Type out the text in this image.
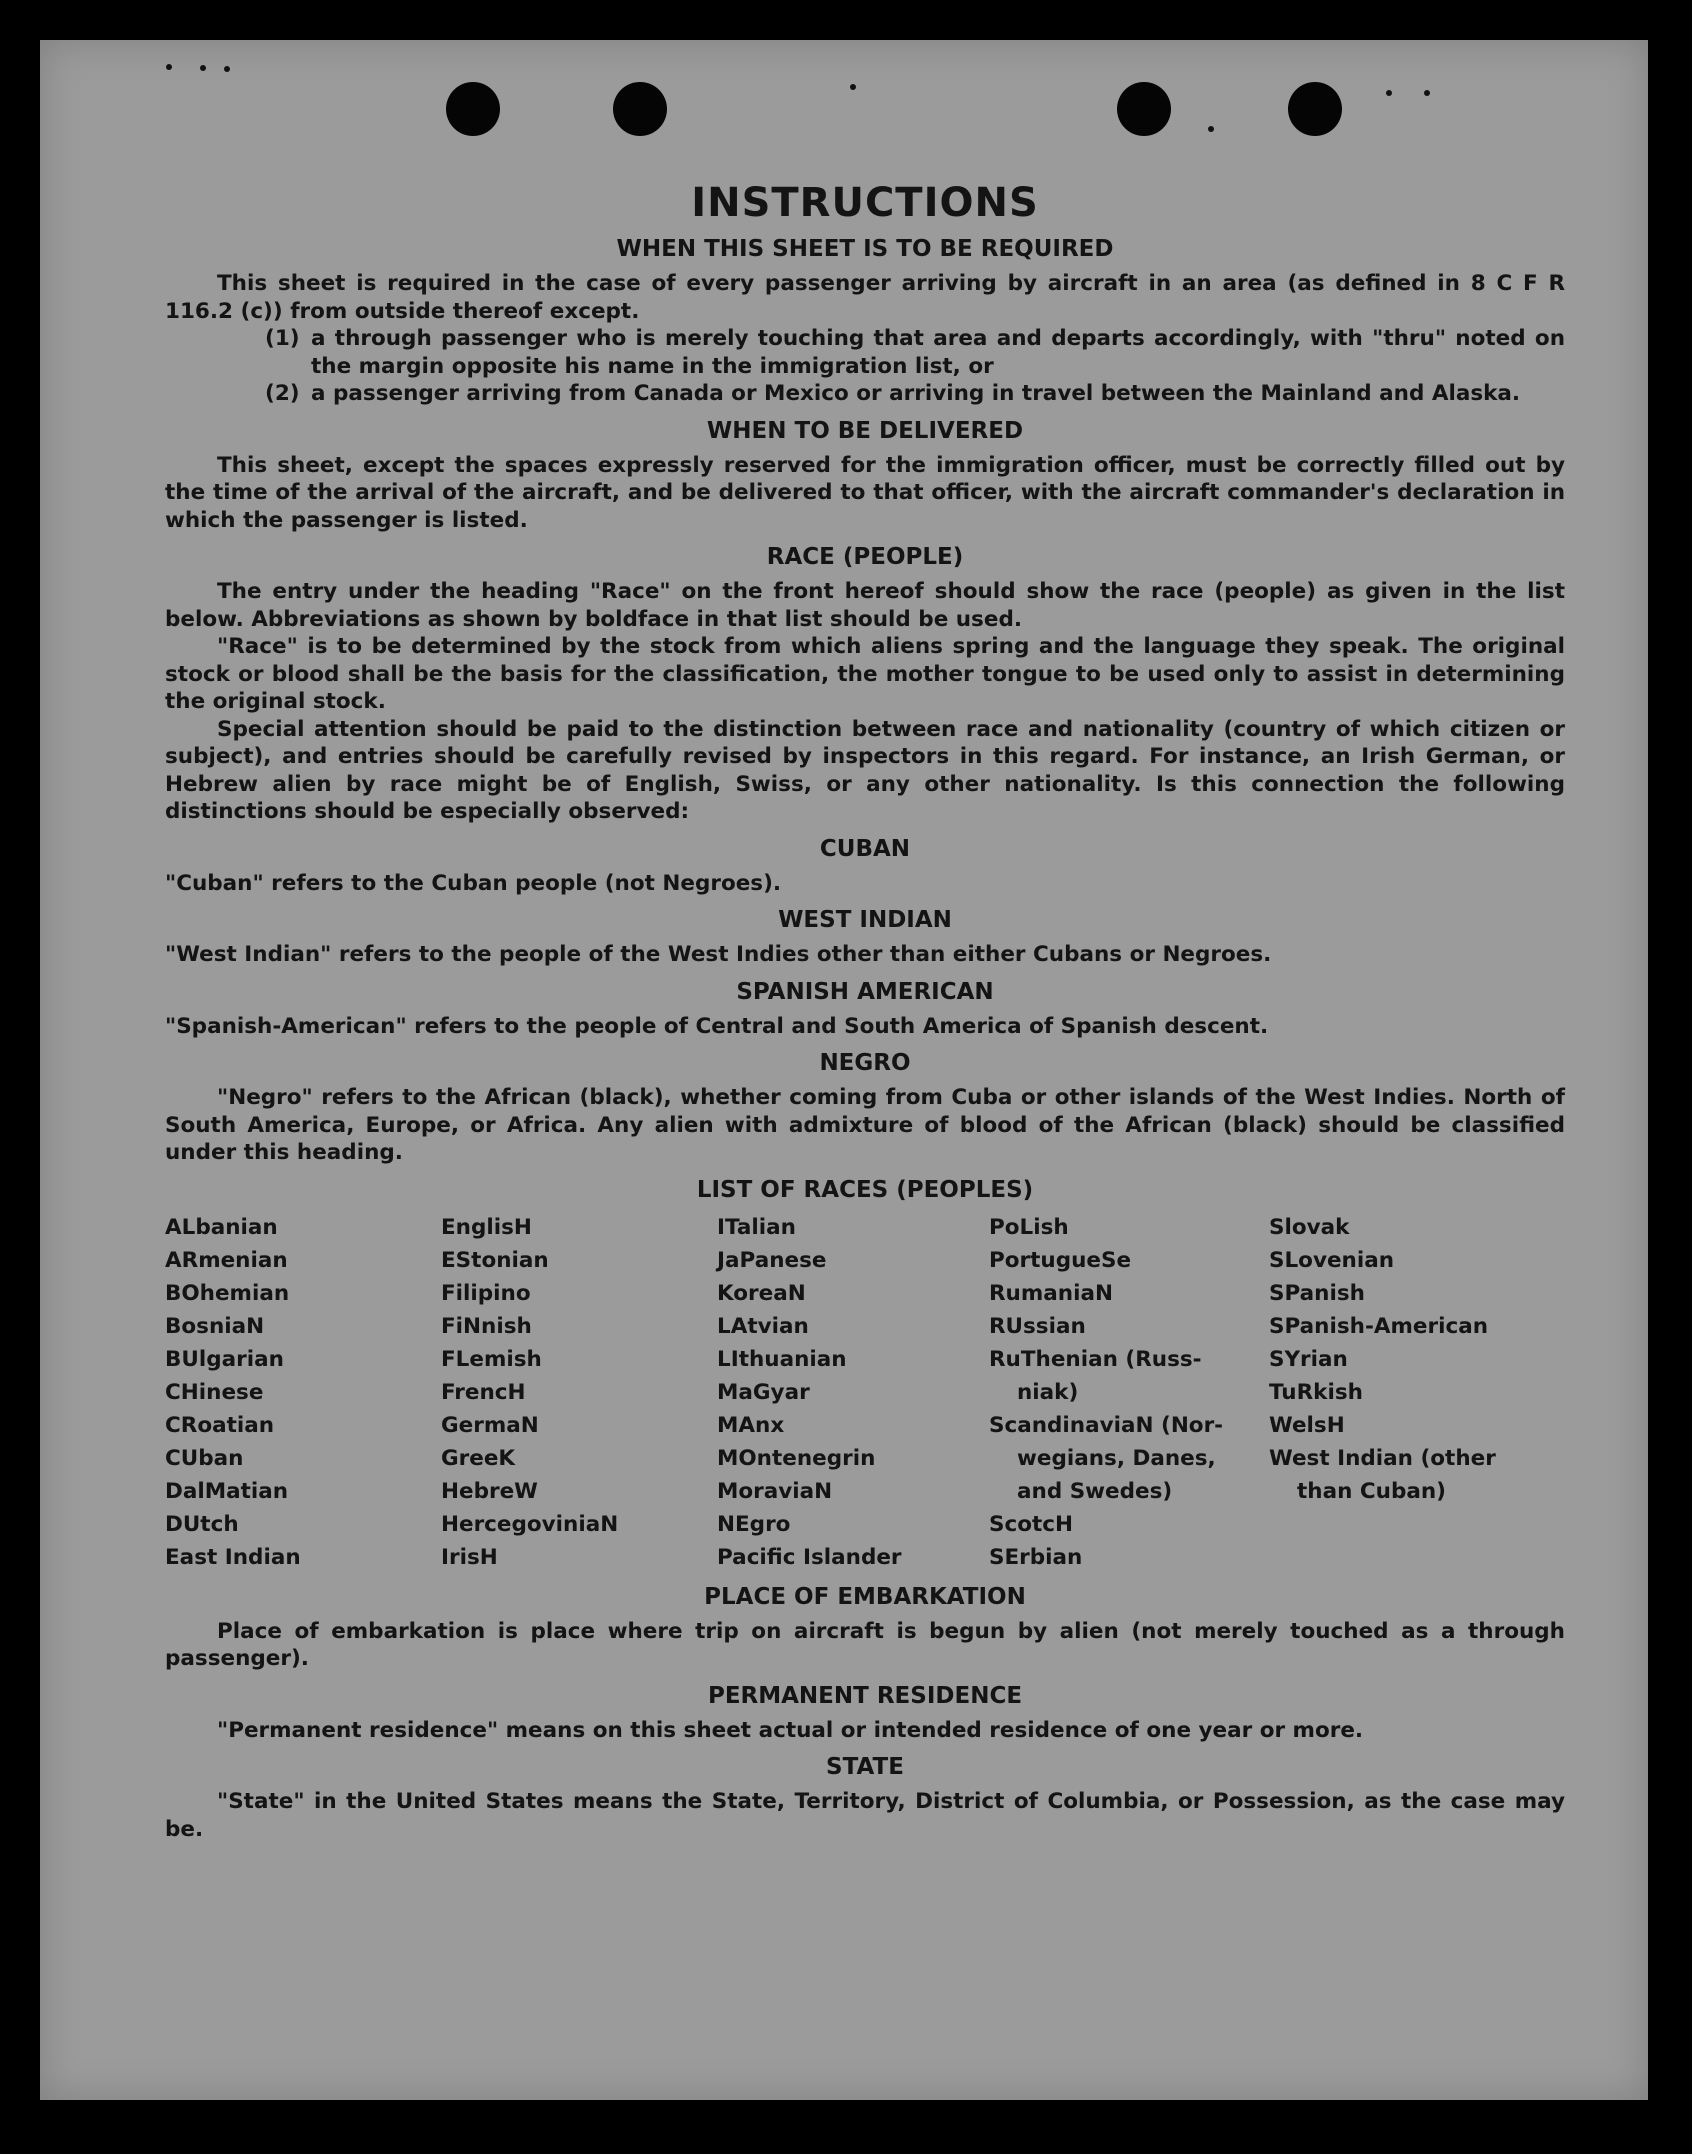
INSTRUCTIONS
WHEN THIS SHEET IS TO BE REQUIRED

This sheet is required in the case of every passenger arriving by aircraft in an area (as defined in 8 C F R 116.2 (c)) from outside thereof except.

(1) a through passenger who is merely touching that area and departs accordingly, with "thru" noted on the margin opposite his name in the immigration list, or
(2) a passenger arriving from Canada or Mexico or arriving in travel between the Mainland and Alaska.
WHEN TO BE DELIVERED

This sheet, except the spaces expressly reserved for the immigration officer, must be correctly filled out by the time of the arrival of the aircraft, and be delivered to that officer, with the aircraft commander's declaration in which the passenger is listed.

RACE (PEOPLE)

The entry under the heading "Race" on the front hereof should show the race (people) as given in the list below. Abbreviations as shown by boldface in that list should be used.

"Race" is to be determined by the stock from which aliens spring and the language they speak. The original stock or blood shall be the basis for the classification, the mother tongue to be used only to assist in determining the original stock.

Special attention should be paid to the distinction between race and nationality (country of which citizen or subject), and entries should be carefully revised by inspectors in this regard. For instance, an Irish German, or Hebrew alien by race might be of English, Swiss, or any other nationality. Is this connection the following distinctions should be especially observed:

CUBAN

"Cuban" refers to the Cuban people (not Negroes).

WEST INDIAN

"West Indian" refers to the people of the West Indies other than either Cubans or Negroes.

SPANISH AMERICAN

"Spanish-American" refers to the people of Central and South America of Spanish descent.

NEGRO

"Negro" refers to the African (black), whether coming from Cuba or other islands of the West Indies. North of South America, Europe, or Africa. Any alien with admixture of blood of the African (black) should be classified under this heading.

LIST OF RACES (PEOPLES)
ALbanian
ARmenian
BOhemian
BosniaN
BUlgarian
CHinese
CRoatian
CUban
DalMatian
DUtch
East Indian
EnglisH
EStonian
Filipino
FiNnish
FLemish
FrencH
GermaN
GreeK
HebreW
HercegoviniaN
IrisH
ITalian
JaPanese
KoreaN
LAtvian
LIthuanian
MaGyar
MAnx
MOntenegrin
MoraviaN
NEgro
Pacific Islander
PoLish
PortugueSe
RumaniaN
RUssian
RuThenian (Russ-
niak)
ScandinaviaN (Nor-
wegians, Danes,
and Swedes)
ScotcH
SErbian
Slovak
SLovenian
SPanish
SPanish-American
SYrian
TuRkish
WelsH
West Indian (other
than Cuban)
PLACE OF EMBARKATION

Place of embarkation is place where trip on aircraft is begun by alien (not merely touched as a through passenger).

PERMANENT RESIDENCE

"Permanent residence" means on this sheet actual or intended residence of one year or more.

STATE

"State" in the United States means the State, Territory, District of Columbia, or Possession, as the case may be.
